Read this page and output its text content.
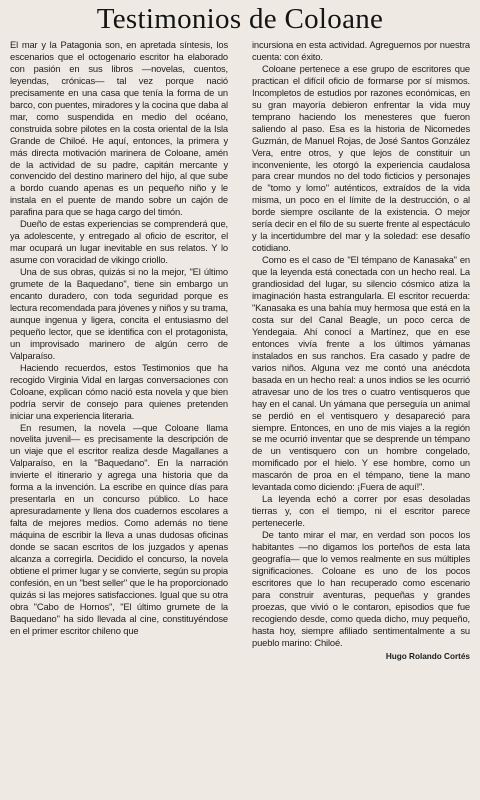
Testimonios de Coloane

El mar y la Patagonia son, en apretada síntesis, los escenarios que el octogenario escritor ha elaborado con pasión en sus libros —novelas, cuentos, leyendas, crónicas— tal vez porque nació precisamente en una casa que tenía la forma de un barco, con puentes, miradores y la cocina que daba al mar, como suspendida en medio del océano, construida sobre pilotes en la costa oriental de la Isla Grande de Chiloé. He aquí, entonces, la primera y más directa motivación marinera de Coloane, amén de la actividad de su padre, capitán mercante y convencido del destino marinero del hijo, al que sube a bordo cuando apenas es un pequeño niño y le instala en el puente de mando sobre un cajón de parafina para que se haga cargo del timón.

Dueño de estas experiencias se comprenderá que, ya adolescente, y entregado al oficio de escritor, el mar ocupará un lugar inevitable en sus relatos. Y lo asume con voracidad de vikingo criollo.

Una de sus obras, quizás si no la mejor, "El último grumete de la Baquedano", tiene sin embargo un encanto duradero, con toda seguridad porque es lectura recomendada para jóvenes y niños y su trama, aunque ingenua y ligera, concita el entusiasmo del pequeño lector, que se identifica con el protagonista, un improvisado marinero de algún cerro de Valparaíso.

Haciendo recuerdos, estos Testimonios que ha recogido Virginia Vidal en largas conversaciones con Coloane, explican cómo nació esta novela y que bien podría servir de consejo para quienes pretenden iniciar una experiencia literaria.

En resumen, la novela —que Coloane llama novelita juvenil— es precisamente la descripción de un viaje que el escritor realiza desde Magallanes a Valparaíso, en la "Baquedano". En la narración invierte el itinerario y agrega una historia que da forma a la invención. La escribe en quince días para presentarla en un concurso público. Lo hace apresuradamente y llena dos cuadernos escolares a falta de mejores medios. Como además no tiene máquina de escribir la lleva a unas dudosas oficinas donde se sacan escritos de los juzgados y apenas alcanza a corregirla. Decidido el concurso, la novela obtiene el primer lugar y se convierte, según su propia confesión, en un "best seller" que le ha proporcionado quizás si las mejores satisfacciones. Igual que su otra obra "Cabo de Hornos", "El último grumete de la Baquedano" ha sido llevada al cine, constituyéndose en el primer escritor chileno que

incursiona en esta actividad. Agreguemos por nuestra cuenta: con éxito.

Coloane pertenece a ese grupo de escritores que practican el difícil oficio de formarse por sí mismos. Incompletos de estudios por razones económicas, en su gran mayoría debieron enfrentar la vida muy temprano haciendo los menesteres que fueron saliendo al paso. Esa es la historia de Nicomedes Guzmán, de Manuel Rojas, de José Santos González Vera, entre otros, y que lejos de constituir un inconveniente, les otorgó la experiencia caudalosa para crear mundos no del todo ficticios y personajes de "tomo y lomo" auténticos, extraídos de la vida misma, un poco en el límite de la destrucción, o al borde siempre oscilante de la existencia. O mejor sería decir en el filo de su suerte frente al espectáculo y la incertidumbre del mar y la soledad: ese desafío cotidiano.

Como es el caso de "El témpano de Kanasaka" en que la leyenda está conectada con un hecho real. La grandiosidad del lugar, su silencio cósmico atiza la imaginación hasta estrangularla. El escritor recuerda: "Kanasaka es una bahía muy hermosa que está en la costa sur del Canal Beagle, un poco cerca de Yendegaia. Ahí conocí a Martínez, que en ese entonces vivía frente a los últimos yámanas instalados en sus ranchos. Era casado y padre de varios niños. Alguna vez me contó una anécdota basada en un hecho real: a unos indios se les ocurrió atravesar uno de los tres o cuatro ventisqueros que hay en el canal. Un yámana que perseguía un animal se perdió en el ventisquero y desapareció para siempre. Entonces, en uno de mis viajes a la región se me ocurrió inventar que se desprende un témpano de un ventisquero con un hombre congelado, momificado por el hielo. Y ese hombre, como un mascarón de proa en el témpano, tiene la mano levantada como diciendo: ¡Fuera de aquí!".

La leyenda echó a correr por esas desoladas tierras y, con el tiempo, ni el escritor parece pertenecerle.

De tanto mirar el mar, en verdad son pocos los habitantes —no digamos los porteños de esta lata geografía— que lo vemos realmente en sus múltiples significaciones. Coloane es uno de los pocos escritores que lo han recuperado como escenario para construir aventuras, pequeñas y grandes proezas, que vivió o le contaron, episodios que fue recogiendo desde, como queda dicho, muy pequeño, hasta hoy, siempre afiliado sentimentalmente a su pueblo marino: Chiloé.

Hugo Rolando Cortés
